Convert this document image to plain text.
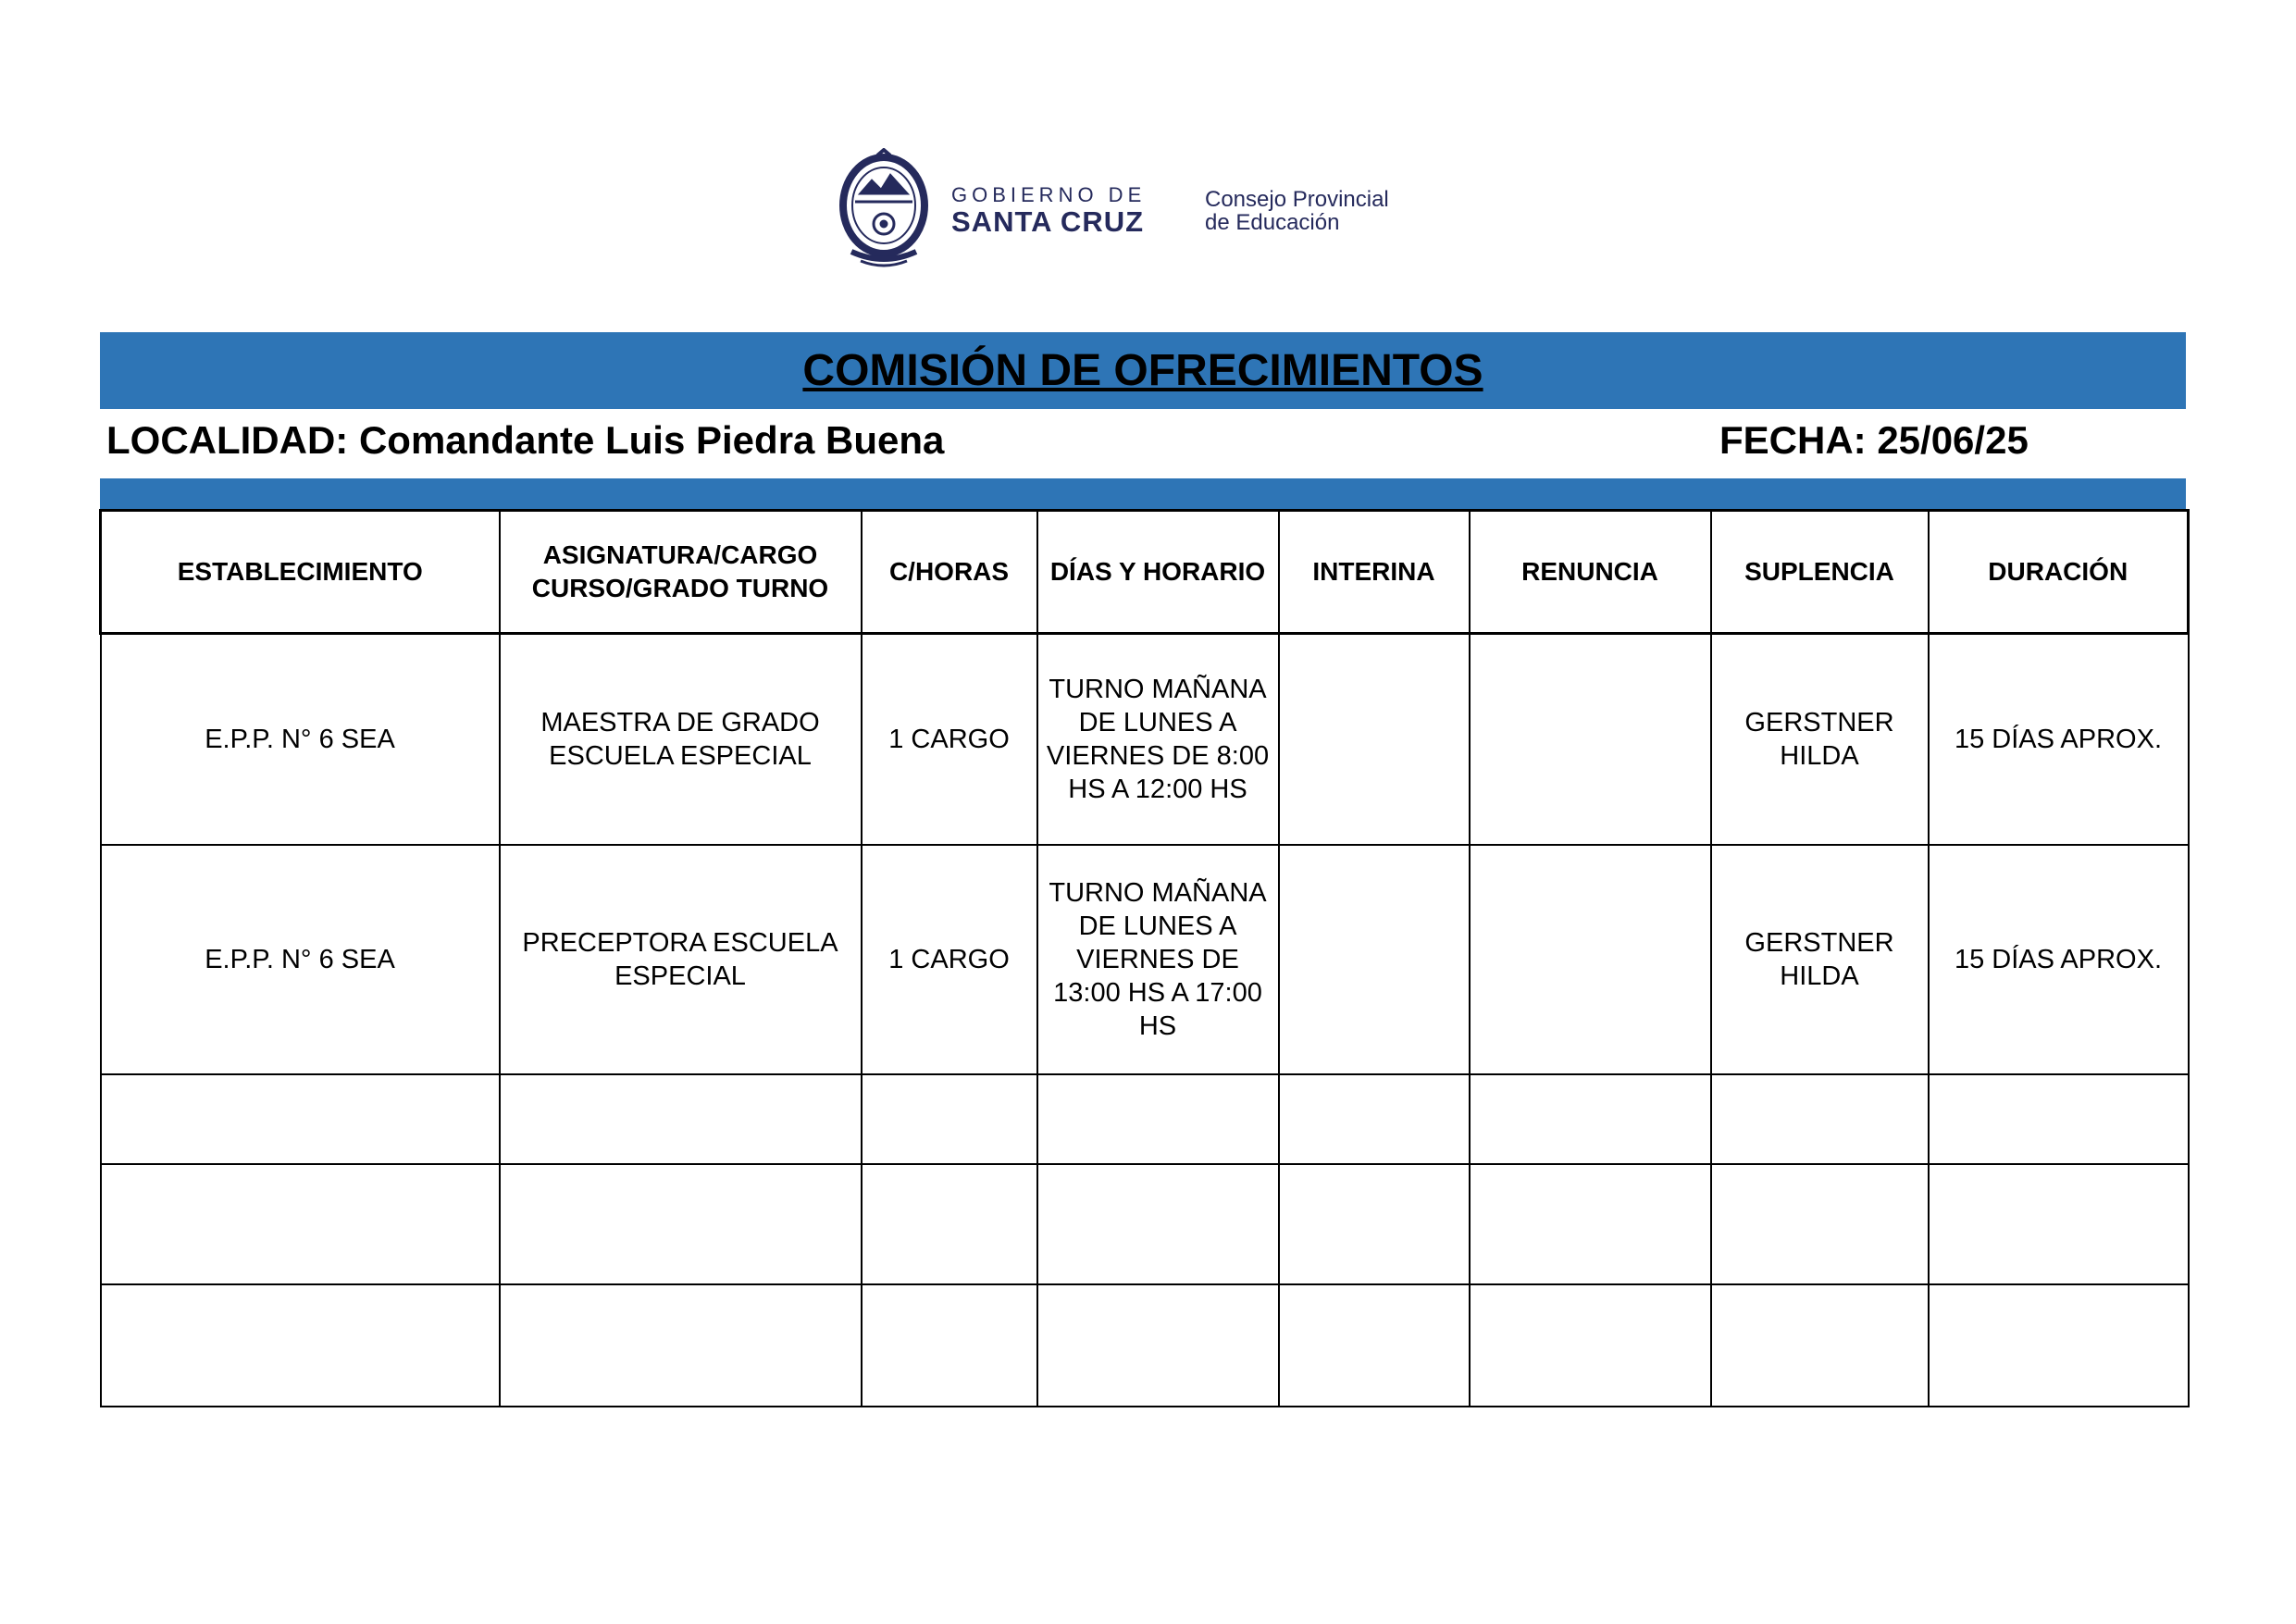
GOBIERNO DE
SANTA CRUZ
Consejo Provincial
de Educación
COMISIÓN DE OFRECIMIENTOS
LOCALIDAD: Comandante Luis Piedra Buena	FECHA: 25/06/25
ESTABLECIMIENTO	ASIGNATURA/CARGO CURSO/GRADO TURNO	C/HORAS	DÍAS Y HORARIO	INTERINA	RENUNCIA	SUPLENCIA	DURACIÓN
E.P.P. N° 6 SEA	MAESTRA DE GRADO ESCUELA ESPECIAL	1 CARGO	TURNO MAÑANA DE LUNES A VIERNES DE 8:00 HS A 12:00 HS			GERSTNER HILDA	15 DÍAS APROX.
E.P.P. N° 6 SEA	PRECEPTORA ESCUELA ESPECIAL	1 CARGO	TURNO MAÑANA DE LUNES A VIERNES DE 13:00 HS A 17:00 HS			GERSTNER HILDA	15 DÍAS APROX.
